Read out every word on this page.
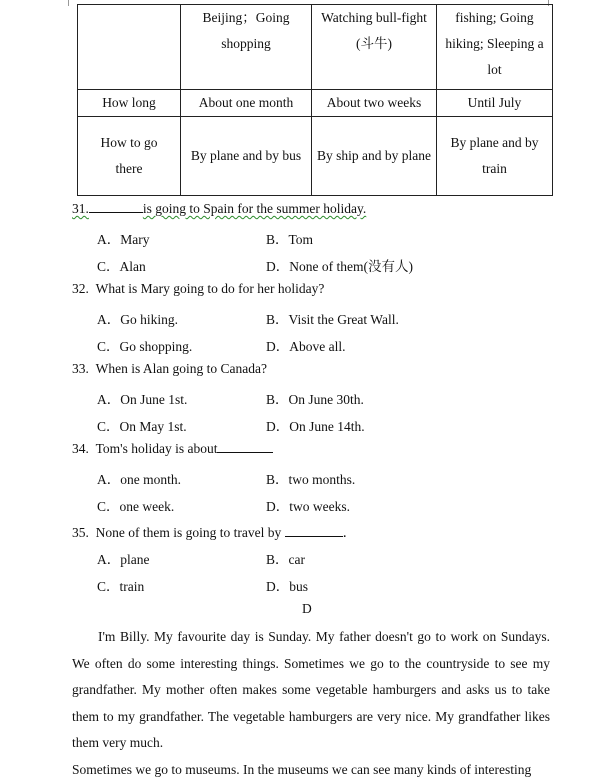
	Beijing；Going shopping	Watching bull-fight (斗牛)	fishing; Going hiking; Sleeping a lot

How long	About one month	About two weeks	Until July

How to go there	By plane and by bus	By ship and by plane	By plane and by train
31.	is going to Spain for the summer holiday.
A．Mary	B．Tom
C．Alan	D．None of them(没有人)
32. What is Mary going to do for her holiday?
A．Go hiking.	B．Visit the Great Wall.
C．Go shopping.	D．Above all.
33. When is Alan going to Canada?
A．On June 1st.	B．On June 30th.
C．On May 1st.	D．On June 14th.
34. Tom's holiday is about
A．one month.	B．two months.
C．one week.	D．two weeks.
35. None of them is going to travel by	．
A．plane	B．car
C．train	D．bus
D
I'm Billy. My favourite day is Sunday. My father doesn't go to work on Sundays. We often do some interesting things. Sometimes we go to the countryside to see my grandfather. My mother often makes some vegetable hamburgers and asks us to take them to my grandfather. The vegetable hamburgers are very nice. My grandfather likes them very much.
Sometimes we go to museums. In the museums we can see many kinds of interesting
